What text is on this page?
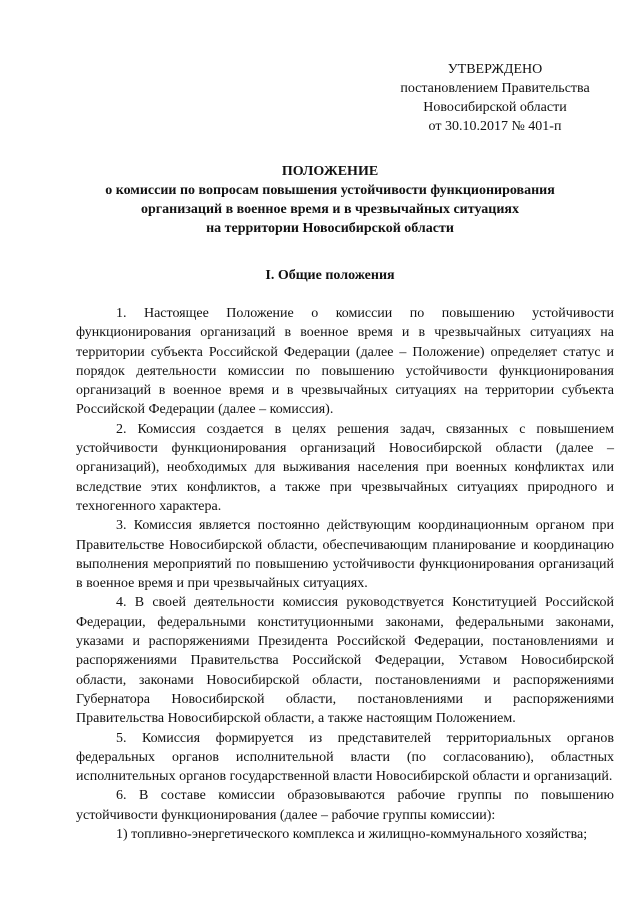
УТВЕРЖДЕНО
постановлением Правительства
Новосибирской области
от 30.10.2017 № 401-п
ПОЛОЖЕНИЕ
о комиссии по вопросам повышения устойчивости функционирования
организаций в военное время и в чрезвычайных ситуациях
на территории Новосибирской области
I. Общие положения

1. Настоящее Положение о комиссии по повышению устойчивости функционирования организаций в военное время и в чрезвычайных ситуациях на территории субъекта Российской Федерации (далее – Положение) определяет статус и порядок деятельности комиссии по повышению устойчивости функционирования организаций в военное время и в чрезвычайных ситуациях на территории субъекта Российской Федерации (далее – комиссия).

2. Комиссия создается в целях решения задач, связанных с повышением устойчивости функционирования организаций Новосибирской области (далее – организаций), необходимых для выживания населения при военных конфликтах или вследствие этих конфликтов, а также при чрезвычайных ситуациях природного и техногенного характера.

3. Комиссия является постоянно действующим координационным органом при Правительстве Новосибирской области, обеспечивающим планирование и координацию выполнения мероприятий по повышению устойчивости функционирования организаций в военное время и при чрезвычайных ситуациях.

4. В своей деятельности комиссия руководствуется Конституцией Российской Федерации, федеральными конституционными законами, федеральными законами, указами и распоряжениями Президента Российской Федерации, постановлениями и распоряжениями Правительства Российской Федерации, Уставом Новосибирской области, законами Новосибирской области, постановлениями и распоряжениями Губернатора Новосибирской области, постановлениями и распоряжениями Правительства Новосибирской области, а также настоящим Положением.

5. Комиссия формируется из представителей территориальных органов федеральных органов исполнительной власти (по согласованию), областных исполнительных органов государственной власти Новосибирской области и организаций.

6. В составе комиссии образовываются рабочие группы по повышению устойчивости функционирования (далее – рабочие группы комиссии):

1) топливно-энергетического комплекса и жилищно-коммунального хозяйства;
